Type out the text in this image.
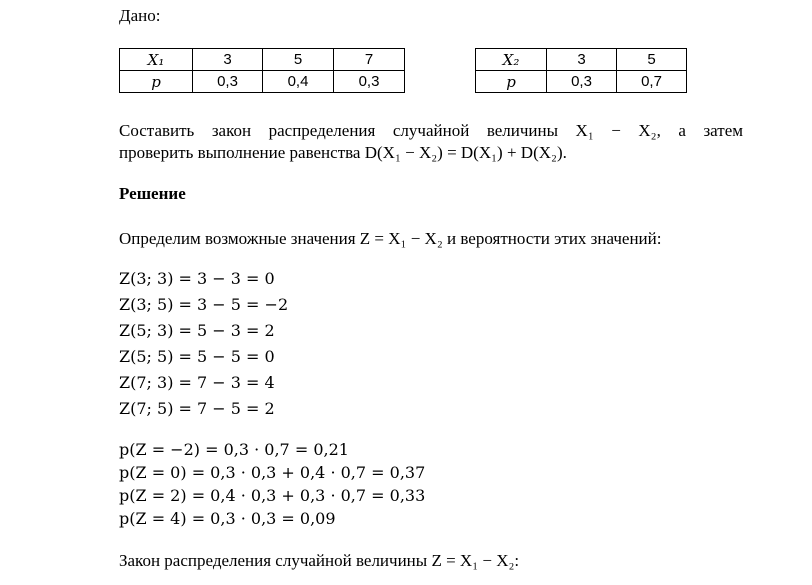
Дано:
X₁	3	5	7
p	0,3	0,4	0,3
X₂	3	5
p	0,3	0,7
Составить закон распределения случайной величины X₁ − X₂, а затем
проверить выполнение равенства D(X₁ − X₂) = D(X₁) + D(X₂).
Решение
Определим возможные значения Z = X₁ − X₂ и вероятности этих значений:
Z(3; 3) = 3 − 3 = 0
Z(3; 5) = 3 − 5 = −2
Z(5; 3) = 5 − 3 = 2
Z(5; 5) = 5 − 5 = 0
Z(7; 3) = 7 − 3 = 4
Z(7; 5) = 7 − 5 = 2
p(Z = −2) = 0,3 · 0,7 = 0,21
p(Z = 0) = 0,3 · 0,3 + 0,4 · 0,7 = 0,37
p(Z = 2) = 0,4 · 0,3 + 0,3 · 0,7 = 0,33
p(Z = 4) = 0,3 · 0,3 = 0,09
Закон распределения случайной величины Z = X₁ − X₂:
